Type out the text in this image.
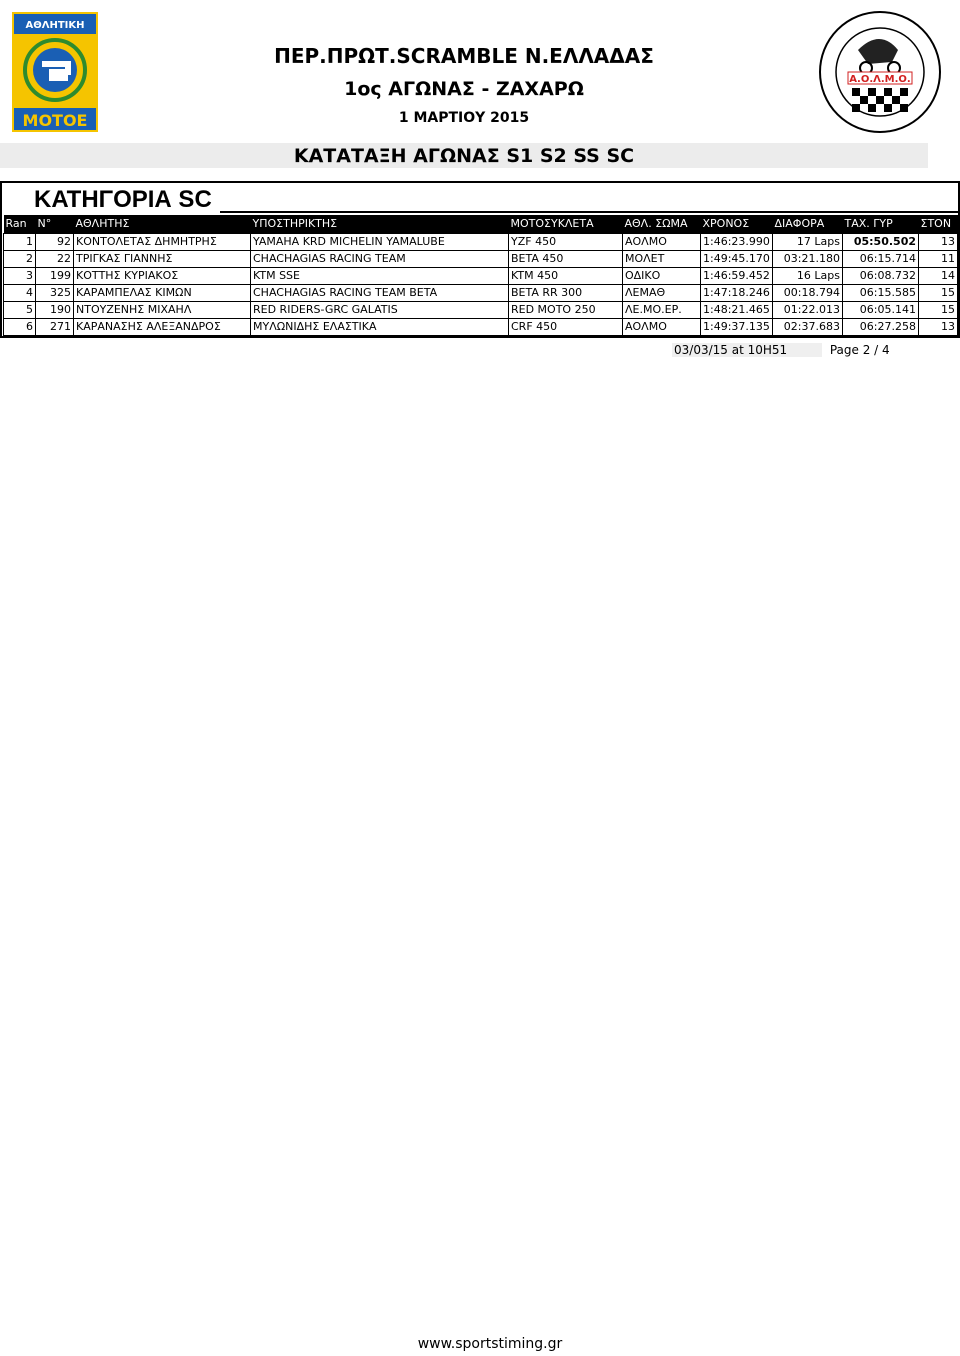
ΑΘΛΗΤΙΚΗ
ΜΟΤΟΕ
Α.Ο.Λ.Μ.Ο.
ΠΕΡ.ΠΡΩΤ.SCRAMBLE Ν.ΕΛΛΑΔΑΣ
1ος ΑΓΩΝΑΣ - ΖΑΧΑΡΩ
1 ΜΑΡΤΙΟΥ 2015
ΚΑΤΑΤΑΞΗ ΑΓΩΝΑΣ S1 S2 SS SC
ΚΑΤΗΓΟΡΙΑ SC
Ran	N°	ΑΘΛΗΤΗΣ	ΥΠΟΣΤΗΡΙΚΤΗΣ	ΜΟΤΟΣΥΚΛΕΤΑ	ΑΘΛ. ΣΩΜΑ	ΧΡΟΝΟΣ	ΔΙΑΦΟΡΑ	ΤΑΧ. ΓΥΡ	ΣΤΟΝ
1	92	ΚΟΝΤΟΛΕΤΑΣ ΔΗΜΗΤΡΗΣ	YAMAHA KRD MICHELIN YAMALUBE	YZF 450	ΑΟΛΜΟ	1:46:23.990	17 Laps	05:50.502	13
2	22	ΤΡΙΓΚΑΣ ΓΙΑΝΝΗΣ	CHACHAGIAS RACING TEAM	BETA 450	ΜΟΛΕΤ	1:49:45.170	03:21.180	06:15.714	11
3	199	ΚΟΤΤΗΣ ΚΥΡΙΑΚΟΣ	KTM SSE	KTM 450	ΟΔΙΚΟ	1:46:59.452	16 Laps	06:08.732	14
4	325	ΚΑΡΑΜΠΕΛΑΣ ΚΙΜΩΝ	CHACHAGIAS RACING TEAM BETA	BETA RR 300	ΛΕΜΑΘ	1:47:18.246	00:18.794	06:15.585	15
5	190	ΝΤΟΥΖΕΝΗΣ ΜΙΧΑΗΛ	RED RIDERS-GRC GALATIS	RED MOTO 250	ΛΕ.ΜΟ.ΕΡ.	1:48:21.465	01:22.013	06:05.141	15
6	271	ΚΑΡΑΝΑΣΗΣ ΑΛΕΞΑΝΔΡΟΣ	ΜΥΛΩΝΙΔΗΣ ΕΛΑΣΤΙΚΑ	CRF 450	ΑΟΛΜΟ	1:49:37.135	02:37.683	06:27.258	13
03/03/15 at 10H51	Page 2 / 4
www.sportstiming.gr
